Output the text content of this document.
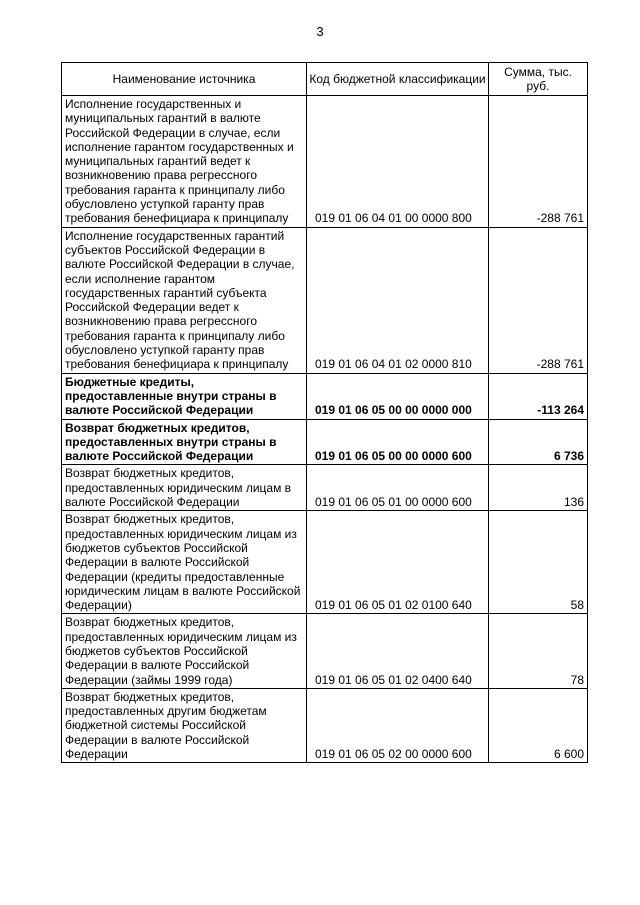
3
Наименование источника	Код бюджетной классификации	Сумма, тыс. руб.
Исполнение государственных и муниципальных гарантий в валюте Российской Федерации в случае, если исполнение гарантом государственных и муниципальных гарантий ведет к возникновению права регрессного требования гаранта к принципалу либо обусловлено уступкой гаранту прав требования бенефициара к принципалу	019 01 06 04 01 00 0000 800	-288 761
Исполнение государственных гарантий субъектов Российской Федерации в валюте Российской Федерации в случае, если исполнение гарантом государственных гарантий субъекта Российской Федерации ведет к возникновению права регрессного требования гаранта к принципалу либо обусловлено уступкой гаранту прав требования бенефициара к принципалу	019 01 06 04 01 02 0000 810	-288 761
Бюджетные кредиты, предоставленные внутри страны в валюте Российской Федерации	019 01 06 05 00 00 0000 000	-113 264
Возврат бюджетных кредитов, предоставленных внутри страны в валюте Российской Федерации	019 01 06 05 00 00 0000 600	6 736
Возврат бюджетных кредитов, предоставленных юридическим лицам в валюте Российской Федерации	019 01 06 05 01 00 0000 600	136
Возврат бюджетных кредитов, предоставленных юридическим лицам из бюджетов субъектов Российской Федерации в валюте Российской Федерации (кредиты предоставленные юридическим лицам в валюте Российской Федерации)	019 01 06 05 01 02 0100 640	58
Возврат бюджетных кредитов, предоставленных юридическим лицам из бюджетов субъектов Российской Федерации в валюте Российской Федерации (займы 1999 года)	019 01 06 05 01 02 0400 640	78
Возврат бюджетных кредитов, предоставленных другим бюджетам бюджетной системы Российской Федерации в валюте Российской Федерации	019 01 06 05 02 00 0000 600	6 600
